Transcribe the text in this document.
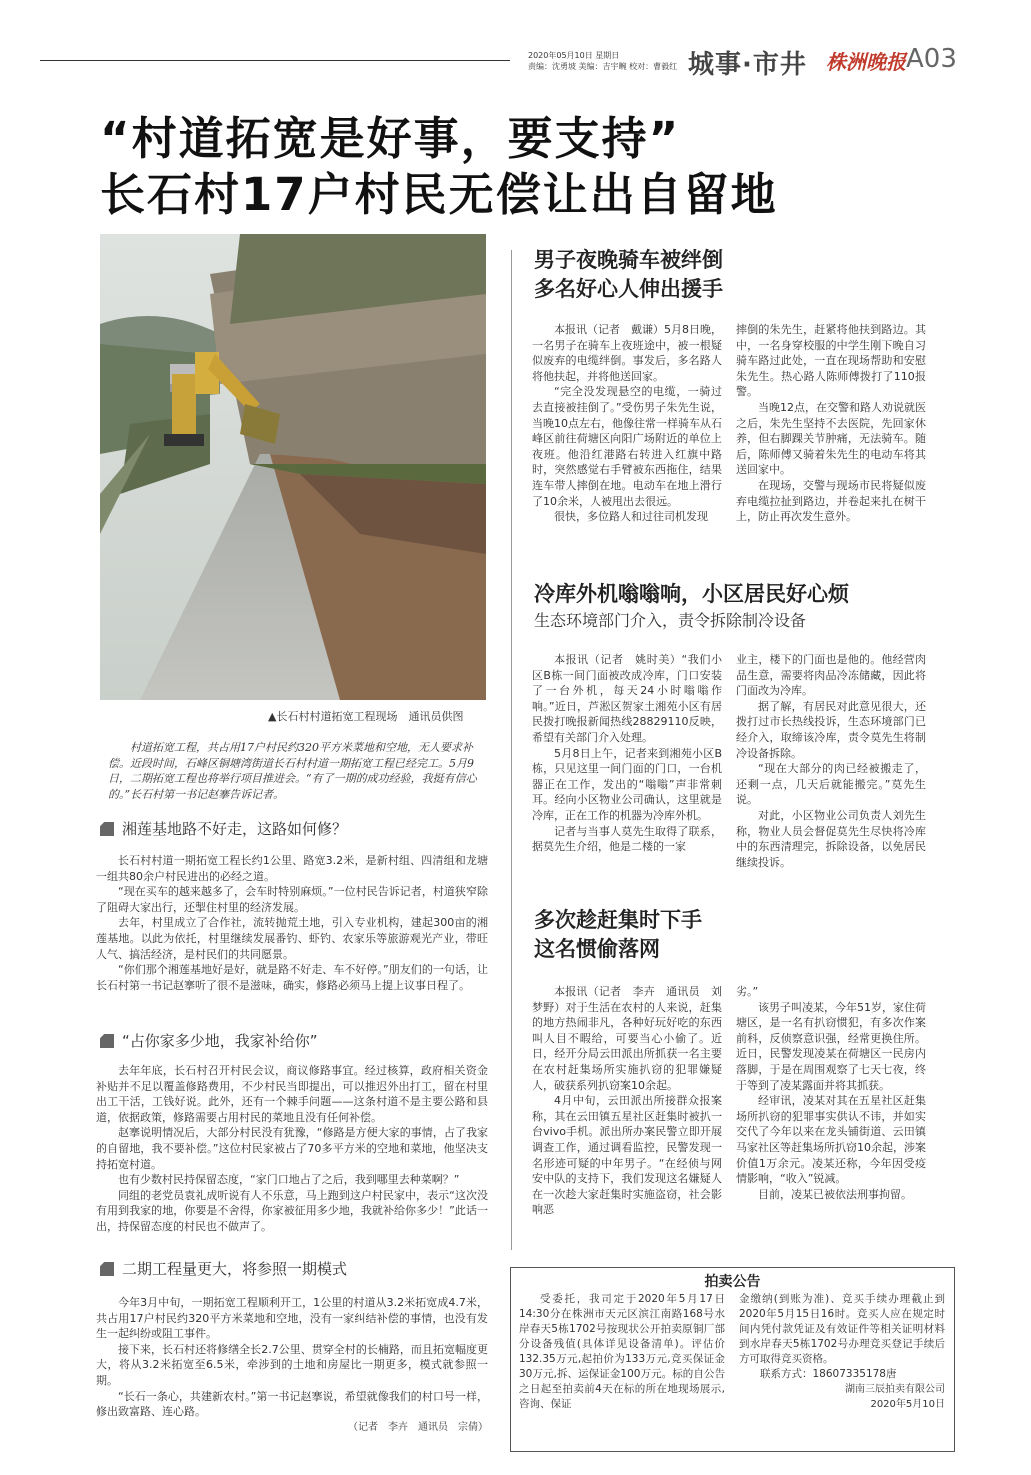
2020年05月10日 星期日
责编：沈勇坡 美编：吉宇畹 校对：曹毅红 城事·市井 株洲晚报 A03
“村道拓宽是好事，要支持”
长石村17户村民无偿让出自留地
▲长石村村道拓宽工程现场　通讯员供图
村道拓宽工程，共占用17户村民约320平方米菜地和空地，无人要求补偿。近段时间，石峰区铜塘湾街道长石村村道一期拓宽工程已经完工。5月9日，二期拓宽工程也将举行项目推进会。“有了一期的成功经验，我挺有信心的。”长石村第一书记赵搴告诉记者。
湘莲基地路不好走，这路如何修？

长石村村道一期拓宽工程长约1公里、路宽3.2米，是新村组、四清组和龙塘一组共80余户村民进出的必经之道。

“现在买车的越来越多了，会车时特别麻烦。”一位村民告诉记者，村道狭窄除了阻碍大家出行，还掣住村里的经济发展。

去年，村里成立了合作社，流转抛荒土地，引入专业机构，建起300亩的湘莲基地。以此为依托，村里继续发展番钓、虾钓、农家乐等旅游观光产业，带旺人气、搞活经济，是村民们的共同愿景。

“你们那个湘莲基地好是好，就是路不好走、车不好停。”朋友们的一句话，让长石村第一书记赵搴听了很不是滋味，确实，修路必须马上提上议事日程了。

“占你家多少地，我家补给你”

去年年底，长石村召开村民会议，商议修路事宜。经过核算，政府相关资金补贴并不足以覆盖修路费用，不少村民当即提出，可以推迟外出打工，留在村里出工干活，工钱好说。此外，还有一个棘手问题——这条村道不是主要公路和县道，依据政策，修路需要占用村民的菜地且没有任何补偿。

赵搴说明情况后，大部分村民没有犹豫，“修路是方便大家的事情，占了我家的自留地，我不要补偿。”这位村民家被占了70多平方米的空地和菜地，他坚决支持拓宽村道。

也有少数村民持保留态度，“家门口地占了之后，我到哪里去种菜啊？”

同组的老党员袁礼成听说有人不乐意，马上跑到这户村民家中，表示“这次没有用到我家的地，你要是不舍得，你家被征用多少地，我就补给你多少！”此话一出，持保留态度的村民也不做声了。

二期工程量更大，将参照一期模式

今年3月中旬，一期拓宽工程顺利开工，1公里的村道从3.2米拓宽成4.7米，共占用17户村民约320平方米菜地和空地，没有一家纠结补偿的事情，也没有发生一起纠纷或阻工事件。

接下来，长石村还将修缮全长2.7公里、贯穿全村的长楠路，而且拓宽幅度更大，将从3.2米拓宽至6.5米，牵涉到的土地和房屋比一期更多，模式就参照一期。

“长石一条心，共建新农村。”第一书记赵搴说，希望就像我们的村口号一样，修出致富路、连心路。

（记者　李卉　通讯员　宗倩）
男子夜晚骑车被绊倒
多名好心人伸出援手

本报讯（记者　戴谦）5月8日晚，一名男子在骑车上夜班途中，被一根疑似废弃的电缆绊倒。事发后，多名路人将他扶起，并将他送回家。

“完全没发现悬空的电缆，一骑过去直接被挂倒了。”受伤男子朱先生说，当晚10点左右，他像往常一样骑车从石峰区前往荷塘区向阳广场附近的单位上夜班。他沿红港路右转进入红旗中路时，突然感觉右手臂被东西拖住，结果连车带人摔倒在地。电动车在地上滑行了10余米，人被甩出去很远。

很快，多位路人和过往司机发现

摔倒的朱先生，赶紧将他扶到路边。其中，一名身穿校服的中学生刚下晚自习骑车路过此处，一直在现场帮助和安慰朱先生。热心路人陈师傅拨打了110报警。

当晚12点，在交警和路人劝说就医之后，朱先生坚持不去医院，先回家休养，但右脚踝关节肿痛，无法骑车。随后，陈师傅又骑着朱先生的电动车将其送回家中。

在现场，交警与现场市民将疑似废弃电缆拉扯到路边，并卷起来扎在树干上，防止再次发生意外。

冷库外机嗡嗡响，小区居民好心烦
生态环境部门介入，责令拆除制冷设备

本报讯（记者　姚时美）“我们小区B栋一间门面被改成冷库，门口安装了一台外机，每天24小时嗡嗡作响。”近日，芦淞区贺家土湘苑小区有居民拨打晚报新闻热线28829110反映，希望有关部门介入处理。

5月8日上午，记者来到湘苑小区B栋，只见这里一间门面的门口，一台机器正在工作，发出的“嗡嗡”声非常刺耳。经向小区物业公司确认，这里就是冷库，正在工作的机器为冷库外机。

记者与当事人莫先生取得了联系，据莫先生介绍，他是二楼的一家

业主，楼下的门面也是他的。他经营肉品生意，需要将肉品冷冻储藏，因此将门面改为冷库。

据了解，有居民对此意见很大，还拨打过市长热线投诉，生态环境部门已经介入，取缔该冷库，责令莫先生将制冷设备拆除。

“现在大部分的肉已经被搬走了，还剩一点，几天后就能搬完。”莫先生说。

对此，小区物业公司负责人刘先生称，物业人员会督促莫先生尽快将冷库中的东西清理完，拆除设备，以免居民继续投诉。

多次趁赶集时下手
这名惯偷落网

本报讯（记者　李卉　通讯员　刘梦野）对于生活在农村的人来说，赶集的地方热闹非凡，各种好玩好吃的东西叫人目不暇给，可要当心小偷了。近日，经开分局云田派出所抓获一名主要在农村赶集场所实施扒窃的犯罪嫌疑人，破获系列扒窃案10余起。

4月中旬，云田派出所接群众报案称，其在云田镇五星社区赶集时被扒一台vivo手机。派出所办案民警立即开展调查工作，通过调看监控，民警发现一名形迹可疑的中年男子。“在经侦与网安中队的支持下，我们发现这名嫌疑人在一次趁大家赶集时实施盗窃，社会影响恶

劣。”

该男子叫凌某，今年51岁，家住荷塘区，是一名有扒窃惯犯，有多次作案前科，反侦察意识强，经常更换住所。近日，民警发现凌某在荷塘区一民房内落脚，于是在周围观察了七天七夜，终于等到了凌某露面并将其抓获。

经审讯，凌某对其在五星社区赶集场所扒窃的犯罪事实供认不讳，并如实交代了今年以来在龙头铺街道、云田镇马家社区等赶集场所扒窃10余起，涉案价值1万余元。凌某还称，今年因受疫情影响，“收入”锐减。

目前，凌某已被依法刑事拘留。

拍卖公告

受委托，我司定于2020年5月17日14:30分在株洲市天元区滨江南路168号水岸春天5栋1702号按现状公开拍卖原铜厂部分设备残值(具体详见设备清单)。评估价132.35万元,起拍价为133万元,竞买保证金30万元,拆、运保证金100万元。标的自公告之日起至拍卖前4天在标的所在地现场展示,咨询、保证

金缴纳(到账为准)、竞买手续办理截止到2020年5月15日16时。竞买人应在规定时间内凭付款凭证及有效证件等相关证明材料到水岸春天5栋1702号办理竞买登记手续后方可取得竞买资格。

联系方式：18607335178唐
湖南三辰拍卖有限公司
2020年5月10日
